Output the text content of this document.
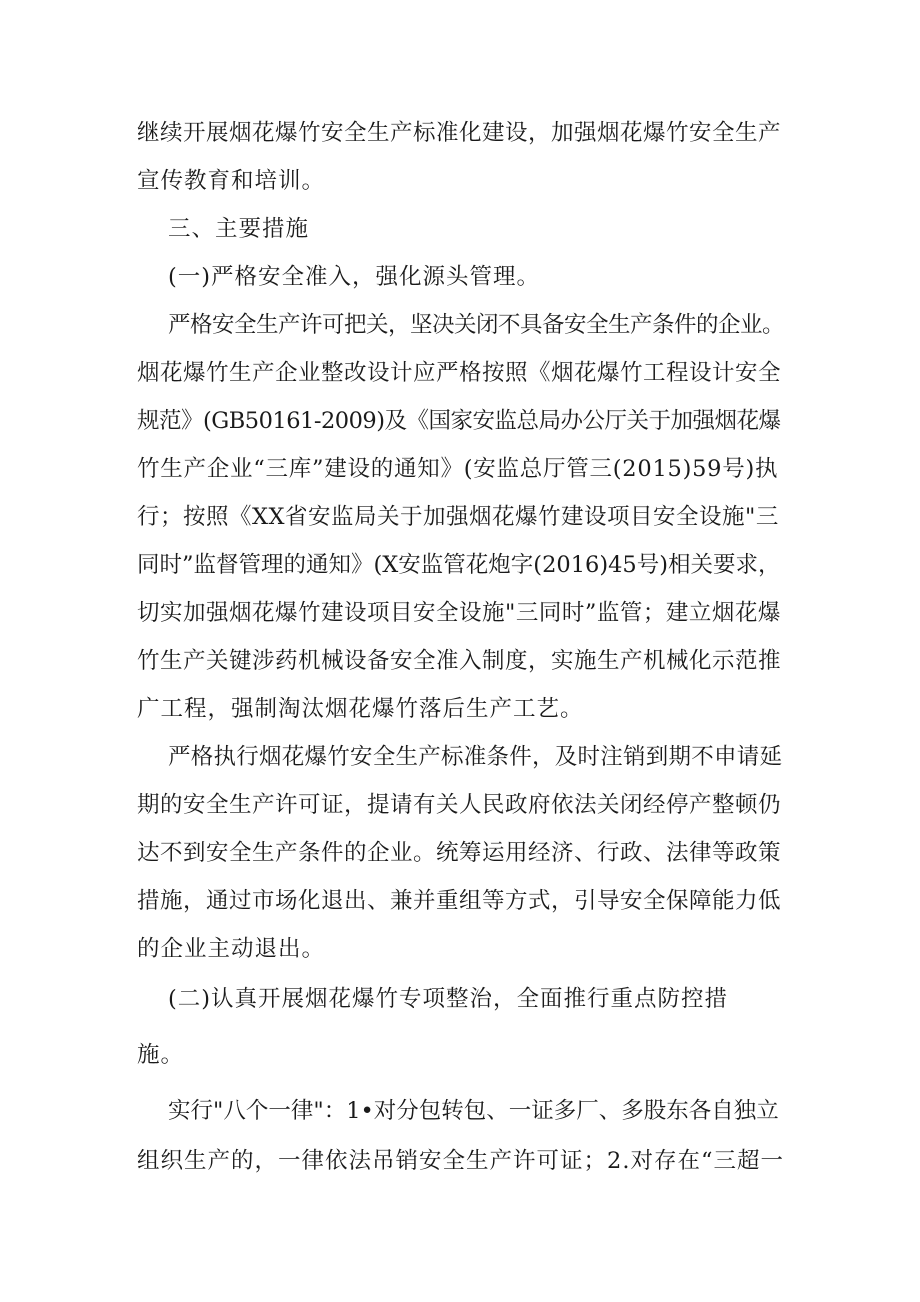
继续开展烟花爆竹安全生产标准化建设，加强烟花爆竹安全生产

宣传教育和培训。

三、主要措施

(一)严格安全准入，强化源头管理。

严格安全生产许可把关，坚决关闭不具备安全生产条件的企业。

烟花爆竹生产企业整改设计应严格按照《烟花爆竹工程设计安全

规范》(GB50161-2009)及《国家安监总局办公厅关于加强烟花爆

竹生产企业“三库”建设的通知》(安监总厅管三(2015)59号)执

行；按照《XX省安监局关于加强烟花爆竹建设项目安全设施"三

同时”监督管理的通知》(X安监管花炮字(2016)45号)相关要求，

切实加强烟花爆竹建设项目安全设施"三同时”监管；建立烟花爆

竹生产关键涉药机械设备安全准入制度，实施生产机械化示范推

广工程，强制淘汰烟花爆竹落后生产工艺。

严格执行烟花爆竹安全生产标准条件，及时注销到期不申请延

期的安全生产许可证，提请有关人民政府依法关闭经停产整顿仍

达不到安全生产条件的企业。统筹运用经济、行政、法律等政策

措施，通过市场化退出、兼并重组等方式，引导安全保障能力低

的企业主动退出。

(二)认真开展烟花爆竹专项整治，全面推行重点防控措

施。

实行"八个一律"：1•对分包转包、一证多厂、多股东各自独立

组织生产的，一律依法吊销安全生产许可证；2.对存在“三超一
